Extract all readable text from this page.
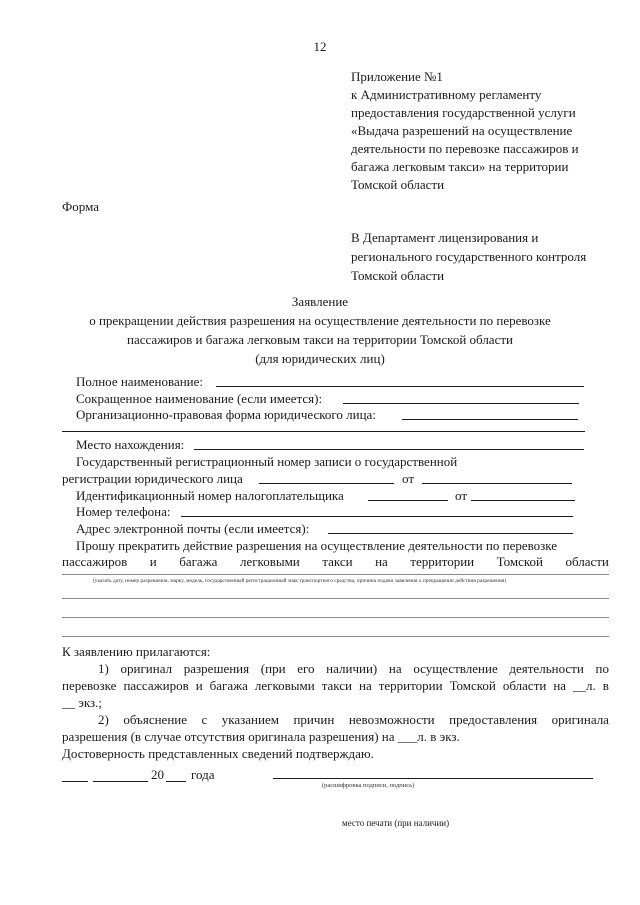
12
Приложение №1
к Административному регламенту
предоставления государственной услуги
«Выдача разрешений на осуществление
деятельности по перевозке пассажиров и
багажа легковым такси» на территории
Томской области
Форма
В Департамент лицензирования и
регионального государственного контроля
Томской области
Заявление
о прекращении действия разрешения на осуществление деятельности по перевозке
пассажиров и багажа легковым такси на территории Томской области
(для юридических лиц)
Полное наименование:
Сокращенное наименование (если имеется):
Организационно-правовая форма юридического лица:
Место нахождения:
Государственный регистрационный номер записи о государственной
регистрации юридического лица	от
Идентификационный номер налогоплательщика	от
Номер телефона:
Адрес электронной почты (если имеется):
Прошу прекратить действие разрешения на осуществление деятельности по перевозке
пассажиров и багажа легковыми такси на территории Томской области
(указать дату, номер разрешения, марку, модель, государственный регистрационный знак транспортного средства, причина подачи заявления о прекращении действия разрешения)
К заявлению прилагаются:
1) оригинал разрешения (при его наличии) на осуществление деятельности по
перевозке пассажиров и багажа легковыми такси на территории Томской области на __л. в
__ экз.;
2) объяснение с указанием причин невозможности предоставления оригинала
разрешения (в случае отсутствия оригинала разрешения) на ___л. в экз.
Достоверность представленных сведений подтверждаю.
20 года
(расшифровка подписи, подпись)
место печати (при наличии)
